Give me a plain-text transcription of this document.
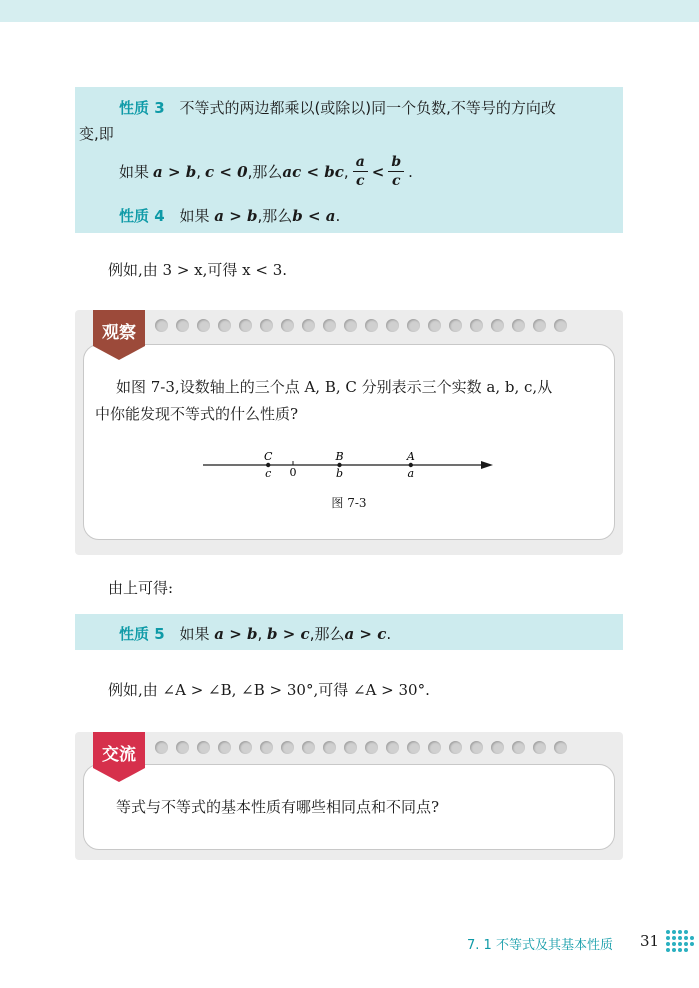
性质 3 不等式的两边都乘以(或除以)同一个负数,不等号的方向改
变,即
如果 a > b , c < 0 ,那么 ac < bc , $\frac{a}{c} < \frac{b}{c}$ .
性质 4 如果 a > b,那么b < a.
例如,由 3 > x,可得 x < 3.
观察
如图 7-3,设数轴上的三个点 A, B, C 分别表示三个实数 a, b, c,从
中你能发现不等式的什么性质?
0
C
c
B
b
A
a
图 7-3
由上可得:
性质 5 如果 a > b, b > c,那么a > c.
例如,由 ∠A > ∠B, ∠B > 30°,可得 ∠A > 30°.
交流
等式与不等式的基本性质有哪些相同点和不同点?
7. 1 不等式及其基本性质 31
